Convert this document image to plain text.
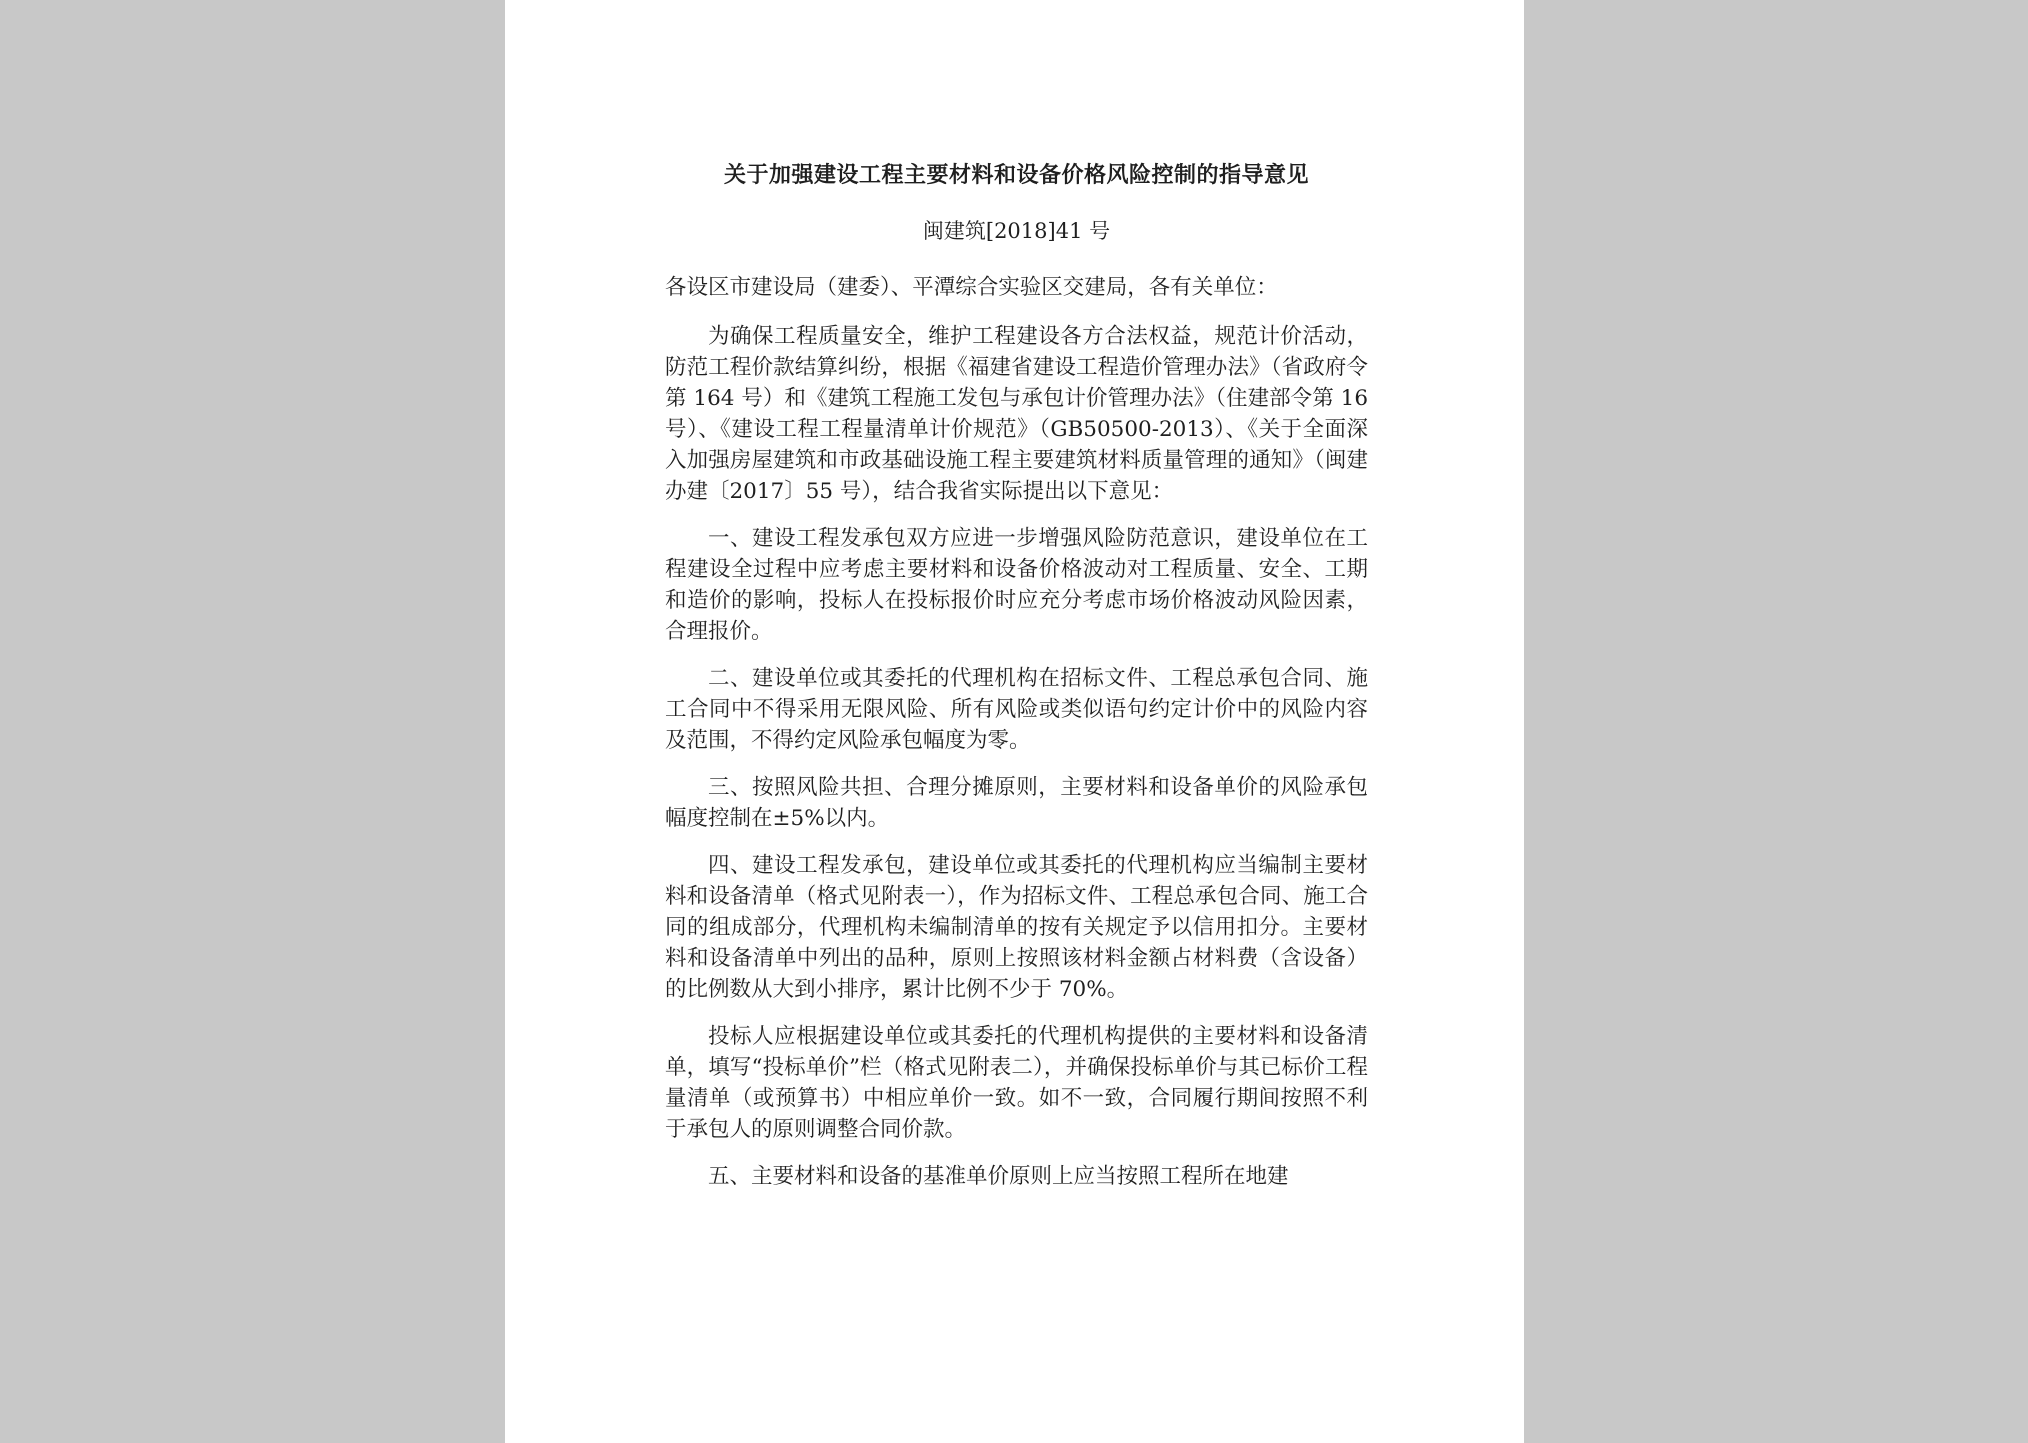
关于加强建设工程主要材料和设备价格风险控制的指导意见
闽建筑[2018]41 号
各设区市建设局（建委）、平潭综合实验区交建局，各有关单位：

为确保工程质量安全，维护工程建设各方合法权益，规范计价活动，防范工程价款结算纠纷，根据《福建省建设工程造价管理办法》（省政府令第 164 号）和《建筑工程施工发包与承包计价管理办法》（住建部令第 16 号）、《建设工程工程量清单计价规范》（GB50500-2013）、《关于全面深入加强房屋建筑和市政基础设施工程主要建筑材料质量管理的通知》（闽建办建〔2017〕55 号），结合我省实际提出以下意见：

一、建设工程发承包双方应进一步增强风险防范意识，建设单位在工程建设全过程中应考虑主要材料和设备价格波动对工程质量、安全、工期和造价的影响，投标人在投标报价时应充分考虑市场价格波动风险因素，合理报价。

二、建设单位或其委托的代理机构在招标文件、工程总承包合同、施工合同中不得采用无限风险、所有风险或类似语句约定计价中的风险内容及范围，不得约定风险承包幅度为零。

三、按照风险共担、合理分摊原则，主要材料和设备单价的风险承包幅度控制在±5%以内。

四、建设工程发承包，建设单位或其委托的代理机构应当编制主要材料和设备清单（格式见附表一），作为招标文件、工程总承包合同、施工合同的组成部分，代理机构未编制清单的按有关规定予以信用扣分。主要材料和设备清单中列出的品种，原则上按照该材料金额占材料费（含设备）的比例数从大到小排序，累计比例不少于 70%。

投标人应根据建设单位或其委托的代理机构提供的主要材料和设备清单，填写“投标单价”栏（格式见附表二），并确保投标单价与其已标价工程量清单（或预算书）中相应单价一致。如不一致，合同履行期间按照不利于承包人的原则调整合同价款。

五、主要材料和设备的基准单价原则上应当按照工程所在地建
